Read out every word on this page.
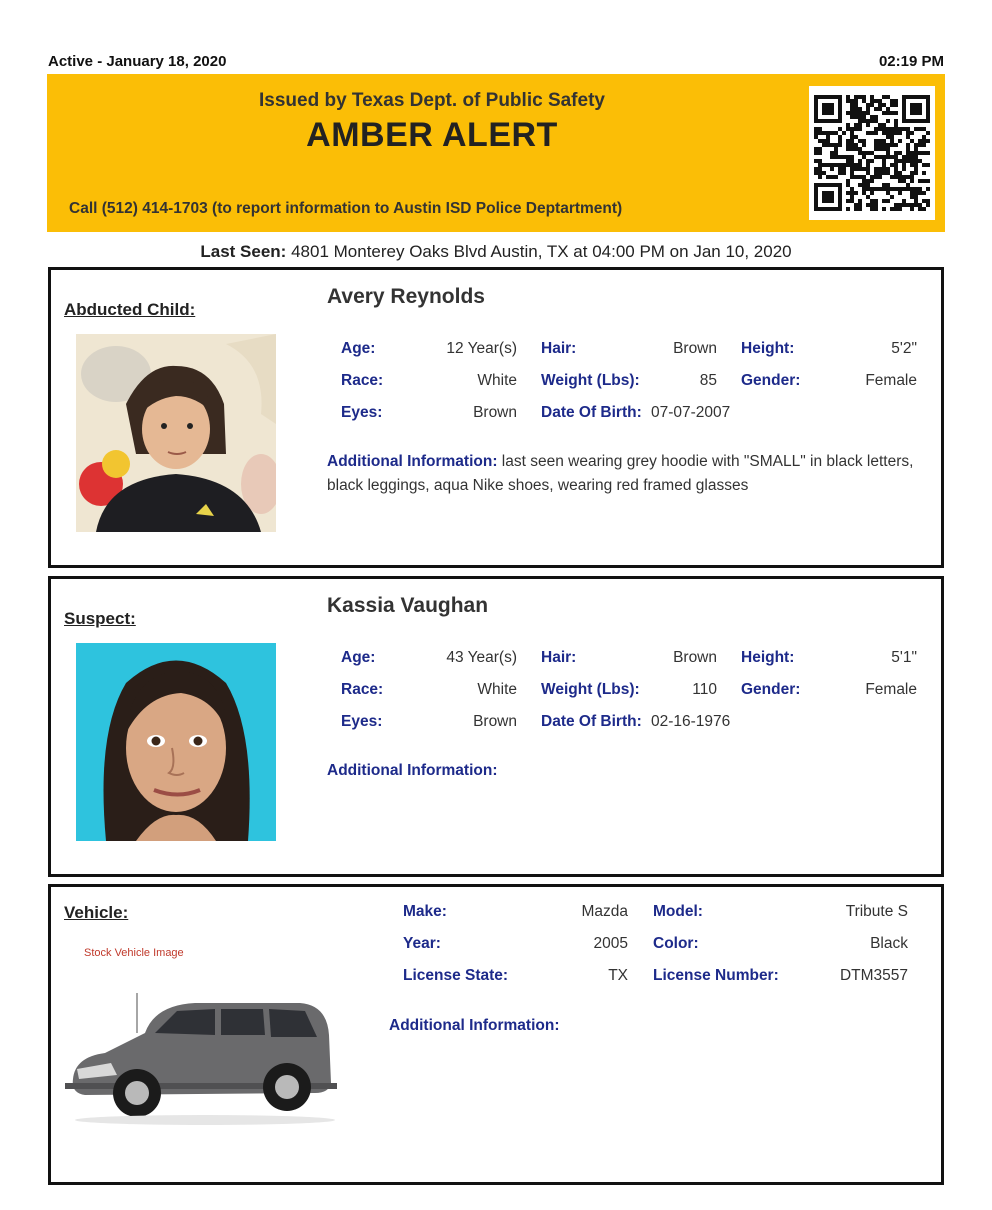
Active - January 18, 2020	02:19 PM
Issued by Texas Dept. of Public Safety
AMBER ALERT
Call (512) 414-1703 (to report information to Austin ISD Police Deptartment)
Last Seen: 4801 Monterey Oaks Blvd Austin, TX at 04:00 PM on Jan 10, 2020
Abducted Child:
Avery Reynolds
Age:	12 Year(s) Hair:	Brown Height:	5'2"
Race:	White Weight (Lbs):	85 Gender:	Female
Eyes:	Brown Date Of Birth: 07-07-2007
Additional Information: last seen wearing grey hoodie with "SMALL" in black letters, black leggings, aqua Nike shoes, wearing red framed glasses
Suspect:
Kassia Vaughan
Age:	43 Year(s) Hair:	Brown Height:	5'1"
Race:	White Weight (Lbs):	110 Gender:	Female
Eyes:	Brown Date Of Birth: 02-16-1976
Additional Information:
Vehicle:
Stock Vehicle Image
Make:	Mazda Model:	Tribute S
Year:	2005 Color:	Black
License State:	TX License Number:	DTM3557
Additional Information:
